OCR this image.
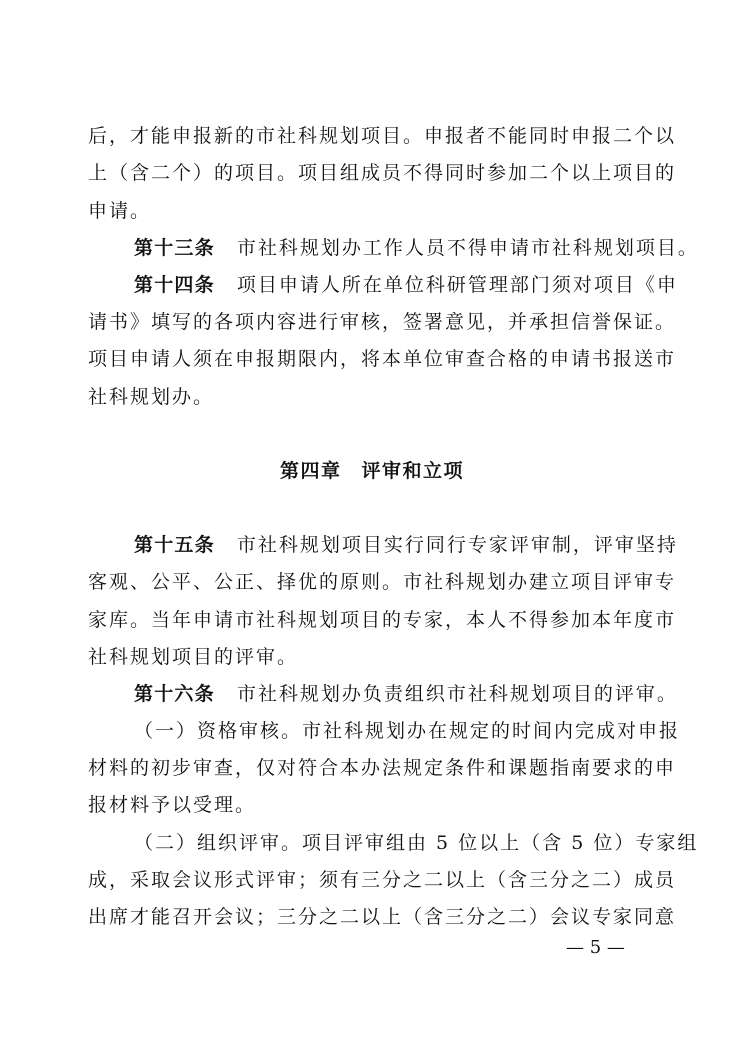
后，才能申报新的市社科规划项目。申报者不能同时申报二个以
上（含二个）的项目。项目组成员不得同时参加二个以上项目的
申请。
第十三条 市社科规划办工作人员不得申请市社科规划项目。
第十四条 项目申请人所在单位科研管理部门须对项目《申
请书》填写的各项内容进行审核，签署意见，并承担信誉保证。
项目申请人须在申报期限内，将本单位审查合格的申请书报送市
社科规划办。
第四章 评审和立项
第十五条 市社科规划项目实行同行专家评审制，评审坚持
客观、公平、公正、择优的原则。市社科规划办建立项目评审专
家库。当年申请市社科规划项目的专家，本人不得参加本年度市
社科规划项目的评审。
第十六条 市社科规划办负责组织市社科规划项目的评审。
（一）资格审核。市社科规划办在规定的时间内完成对申报
材料的初步审查，仅对符合本办法规定条件和课题指南要求的申
报材料予以受理。
（二）组织评审。项目评审组由 5 位以上（含 5 位）专家组
成，采取会议形式评审；须有三分之二以上（含三分之二）成员
出席才能召开会议；三分之二以上（含三分之二）会议专家同意
— 5 —
